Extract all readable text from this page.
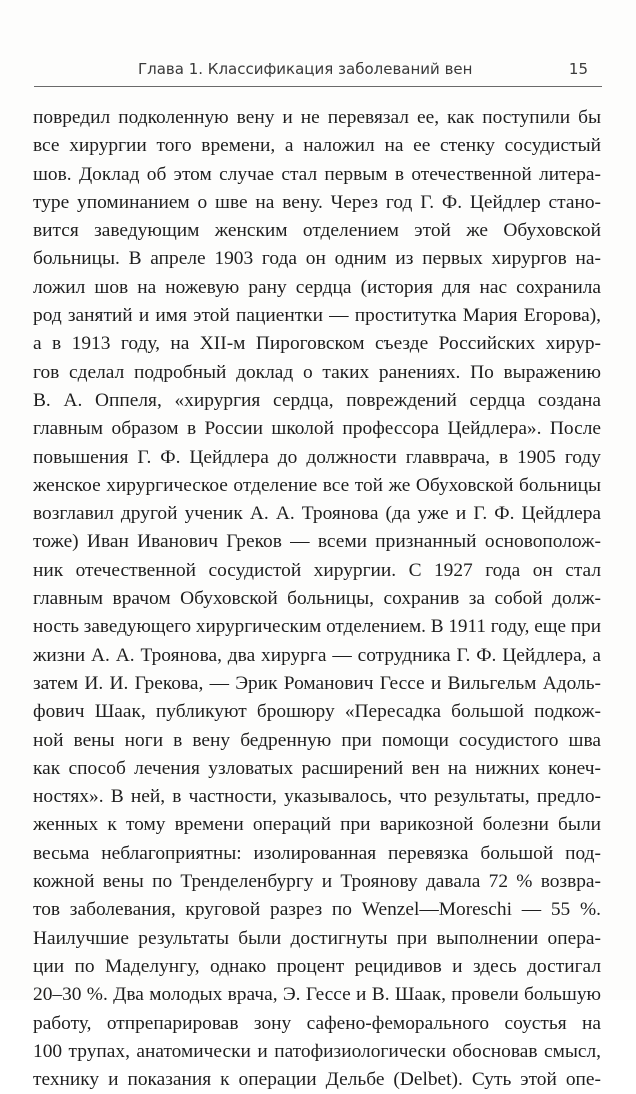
Глава 1. Классификация заболеваний вен	15
повредил подколенную вену и не перевязал ее, как поступили бы
все хирургии того времени, а наложил на ее стенку сосудистый
шов. Доклад об этом случае стал первым в отечественной литера-
туре упоминанием о шве на вену. Через год Г. Ф. Цейдлер стано-
вится заведующим женским отделением этой же Обуховской
больницы. В апреле 1903 года он одним из первых хирургов на-
ложил шов на ножевую рану сердца (история для нас сохранила
род занятий и имя этой пациентки — проститутка Мария Егорова),
а в 1913 году, на XII-м Пироговском съезде Российских хирур-
гов сделал подробный доклад о таких ранениях. По выражению
В. А. Оппеля, «хирургия сердца, повреждений сердца создана
главным образом в России школой профессора Цейдлера». После
повышения Г. Ф. Цейдлера до должности главврача, в 1905 году
женское хирургическое отделение все той же Обуховской больницы
возглавил другой ученик А. А. Троянова (да уже и Г. Ф. Цейдлера
тоже) Иван Иванович Греков — всеми признанный основополож-
ник отечественной сосудистой хирургии. С 1927 года он стал
главным врачом Обуховской больницы, сохранив за собой долж-
ность заведующего хирургическим отделением. В 1911 году, еще при
жизни А. А. Троянова, два хирурга — сотрудника Г. Ф. Цейдлера, а
затем И. И. Грекова, — Эрик Романович Гессе и Вильгельм Адоль-
фович Шаак, публикуют брошюру «Пересадка большой подкож-
ной вены ноги в вену бедренную при помощи сосудистого шва
как способ лечения узловатых расширений вен на нижних конеч-
ностях». В ней, в частности, указывалось, что результаты, предло-
женных к тому времени операций при варикозной болезни были
весьма неблагоприятны: изолированная перевязка большой под-
кожной вены по Тренделенбургу и Троянову давала 72 % возвра-
тов заболевания, круговой разрез по Wenzel—Moreschi — 55 %.
Наилучшие результаты были достигнуты при выполнении опера-
ции по Маделунгу, однако процент рецидивов и здесь достигал
20–30 %. Два молодых врача, Э. Гессе и В. Шаак, провели большую
работу, отпрепарировав зону сафено-феморального соустья на
100 трупах, анатомически и патофизиологически обосновав смысл,
технику и показания к операции Дельбе (Delbet). Суть этой опе-
